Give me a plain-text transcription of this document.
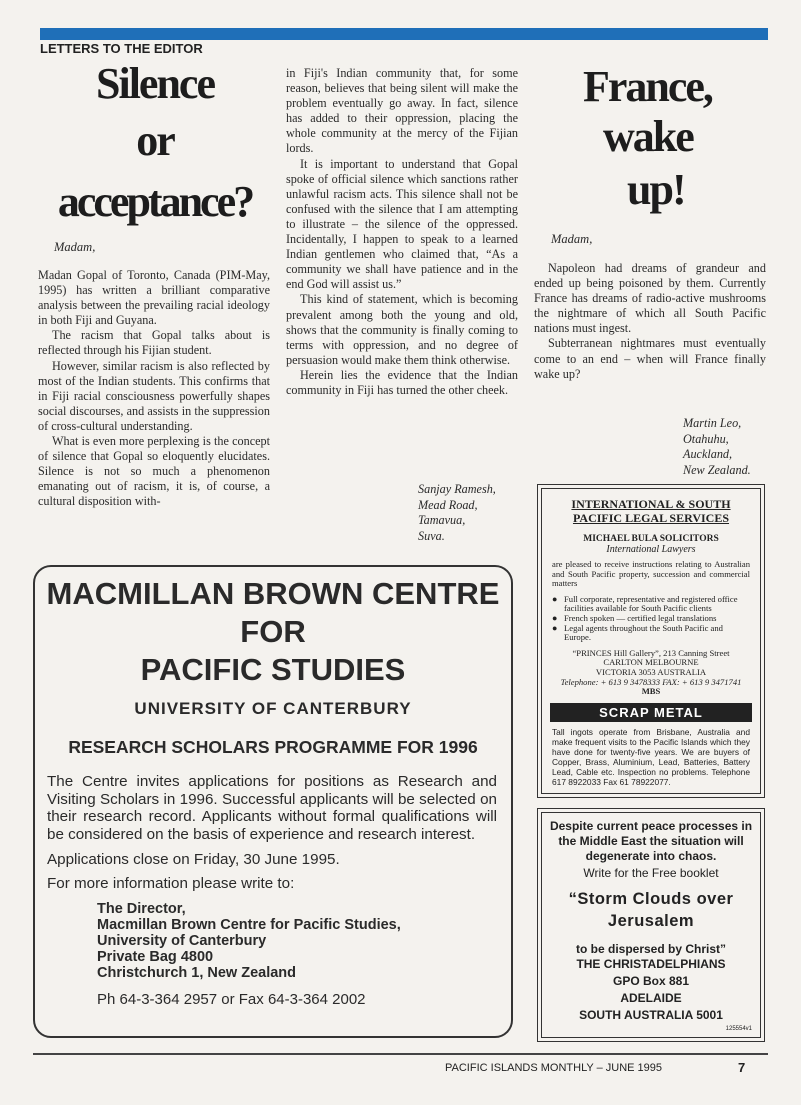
LETTERS TO THE EDITOR
Silence
or
acceptance?
Madam,

Madan Gopal of Toronto, Canada (PIM-May, 1995) has written a brilliant comparative analysis between the prevailing racial ideology in both Fiji and Guyana.

The racism that Gopal talks about is reflected through his Fijian student.

However, similar racism is also reflected by most of the Indian students. This confirms that in Fiji racial consciousness powerfully shapes social discourses, and assists in the suppression of cross-cultural understanding.

What is even more perplexing is the concept of silence that Gopal so eloquently elucidates. Silence is not so much a phenomenon emanating out of racism, it is, of course, a cultural disposition with-

in Fiji's Indian community that, for some reason, believes that being silent will make the problem eventually go away. In fact, silence has added to their oppression, placing the whole community at the mercy of the Fijian lords.

It is important to understand that Gopal spoke of official silence which sanctions rather unlawful racism acts. This silence shall not be confused with the silence that I am attempting to illustrate – the silence of the oppressed. Incidentally, I happen to speak to a learned Indian gentlemen who claimed that, “As a community we shall have patience and in the end God will assist us.”

This kind of statement, which is becoming prevalent among both the young and old, shows that the community is finally coming to terms with oppression, and no degree of persuasion would make them think otherwise.

Herein lies the evidence that the Indian community in Fiji has turned the other cheek.

Sanjay Ramesh,
Mead Road,
Tamavua,
Suva.
France,
wake
up!
Madam,

Napoleon had dreams of grandeur and ended up being poisoned by them. Currently France has dreams of radio-active mushrooms the nightmare of which all South Pacific nations must ingest.

Subterranean nightmares must eventually come to an end – when will France finally wake up?

Martin Leo,
Otahuhu,
Auckland,
New Zealand.
MACMILLAN BROWN CENTRE
FOR
PACIFIC STUDIES
UNIVERSITY OF CANTERBURY
RESEARCH SCHOLARS PROGRAMME FOR 1996
The Centre invites applications for positions as Research and Visiting Scholars in 1996. Successful applicants will be selected on their research record. Applicants without formal qualifications will be considered on the basis of experience and research interest.
Applications close on Friday, 30 June 1995.
For more information please write to:
The Director,
Macmillan Brown Centre for Pacific Studies,
University of Canterbury
Private Bag 4800
Christchurch 1, New Zealand
Ph 64-3-364 2957 or Fax 64-3-364 2002
INTERNATIONAL & SOUTH PACIFIC LEGAL SERVICES
MICHAEL BULA SOLICITORS
International Lawyers
are pleased to receive instructions relating to Australian and South Pacific property, succession and commercial matters
● Full corporate, representative and registered office facilities available for South Pacific clients
● French spoken — certified legal translations
● Legal agents throughout the South Pacific and Europe.
“PRINCES Hill Gallery”, 213 Canning Street
CARLTON MELBOURNE
VICTORIA 3053 AUSTRALIA
Telephone: + 613 9 3478333 FAX: + 613 9 3471741
MBS
SCRAP METAL
Tall ingots operate from Brisbane, Australia and make frequent visits to the Pacific Islands which they have done for twenty-five years. We are buyers of Copper, Brass, Aluminium, Lead, Batteries, Battery Lead, Cable etc. Inspection no problems. Telephone 617 8922033 Fax 61 78922077.
Despite current peace processes in the Middle East the situation will degenerate into chaos.
Write for the Free booklet
“Storm Clouds over Jerusalem
to be dispersed by Christ”
THE CHRISTADELPHIANS
GPO Box 881
ADELAIDE
SOUTH AUSTRALIA 5001
125554v1
PACIFIC ISLANDS MONTHLY – JUNE 1995	7
